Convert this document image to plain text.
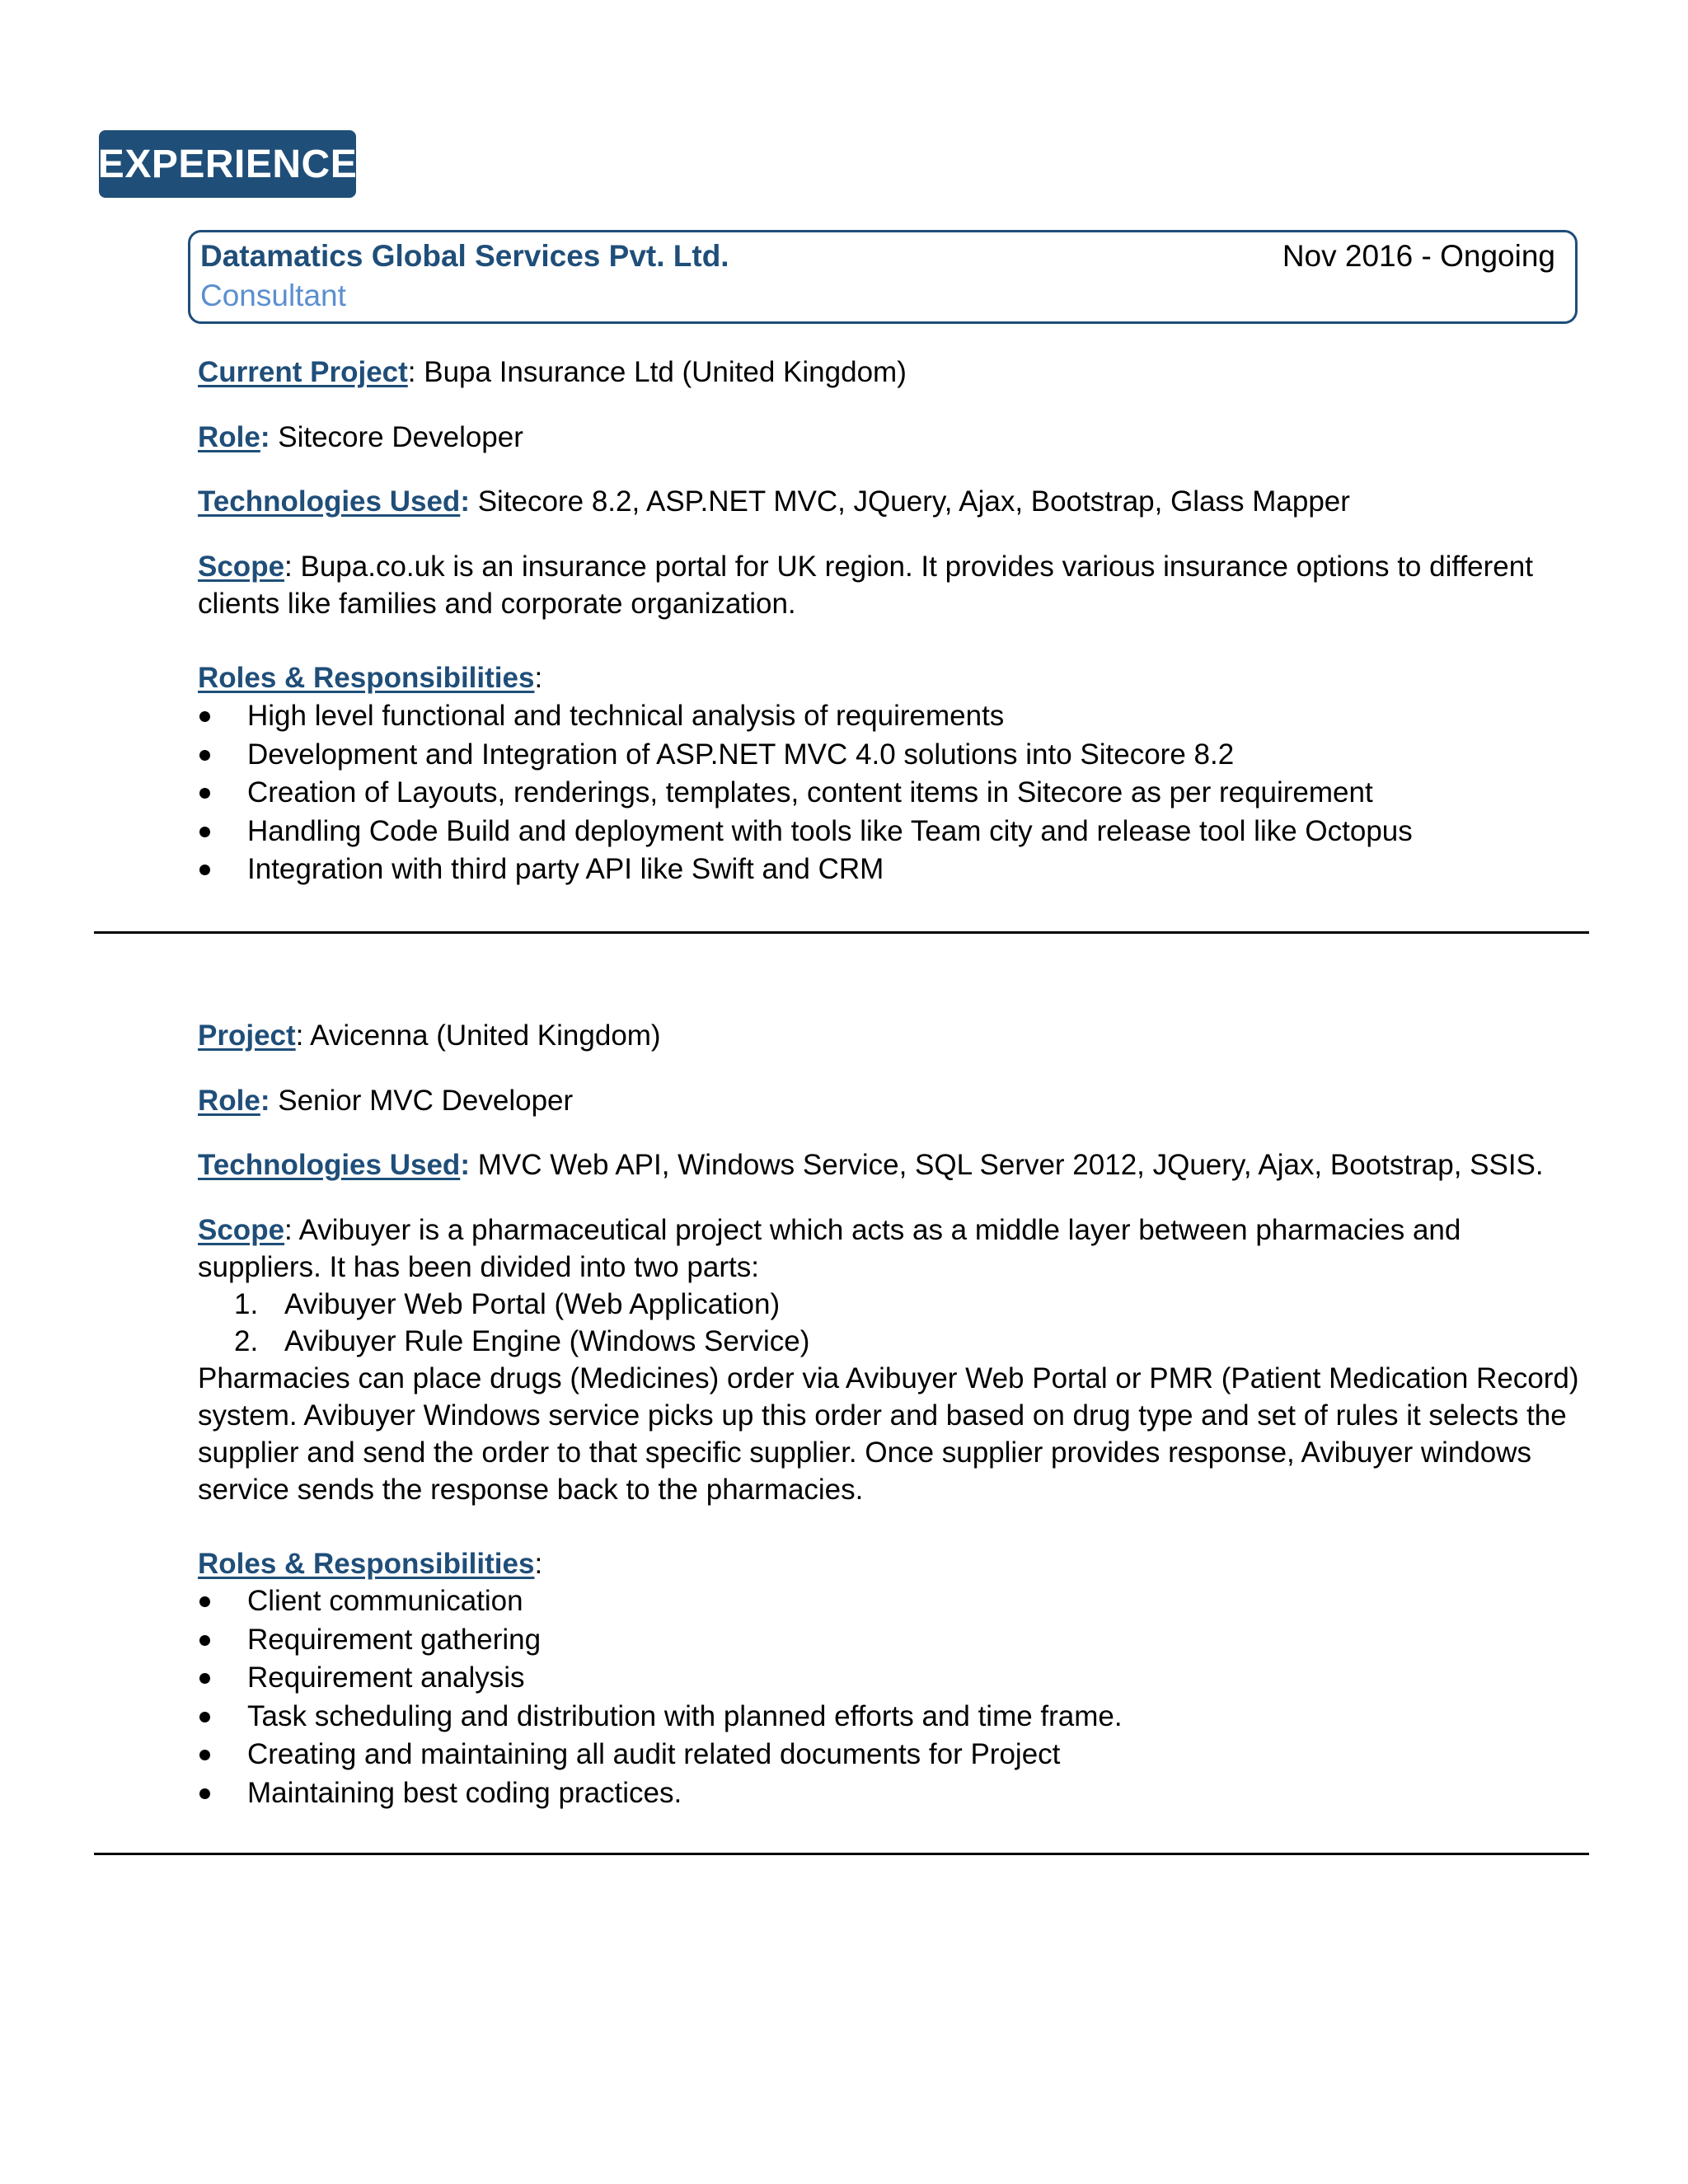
EXPERIENCE
Datamatics Global Services Pvt. Ltd.
Consultant
Nov 2016 - Ongoing
Current Project: Bupa Insurance Ltd (United Kingdom)
Role: Sitecore Developer
Technologies Used: Sitecore 8.2, ASP.NET MVC, JQuery, Ajax, Bootstrap, Glass Mapper
Scope: Bupa.co.uk is an insurance portal for UK region. It provides various insurance options to different clients like families and corporate organization.
Roles & Responsibilities:
High level functional and technical analysis of requirements
Development and Integration of ASP.NET MVC 4.0 solutions into Sitecore 8.2
Creation of Layouts, renderings, templates, content items in Sitecore as per requirement
Handling Code Build and deployment with tools like Team city and release tool like Octopus
Integration with third party API like Swift and CRM
Project: Avicenna (United Kingdom)
Role: Senior MVC Developer
Technologies Used: MVC Web API, Windows Service, SQL Server 2012, JQuery, Ajax, Bootstrap, SSIS.
Scope: Avibuyer is a pharmaceutical project which acts as a middle layer between pharmacies and suppliers. It has been divided into two parts:
1. Avibuyer Web Portal (Web Application)
2. Avibuyer Rule Engine (Windows Service)
Pharmacies can place drugs (Medicines) order via Avibuyer Web Portal or PMR (Patient Medication Record) system. Avibuyer Windows service picks up this order and based on drug type and set of rules it selects the supplier and send the order to that specific supplier. Once supplier provides response, Avibuyer windows service sends the response back to the pharmacies.
Roles & Responsibilities:
Client communication
Requirement gathering
Requirement analysis
Task scheduling and distribution with planned efforts and time frame.
Creating and maintaining all audit related documents for Project
Maintaining best coding practices.
